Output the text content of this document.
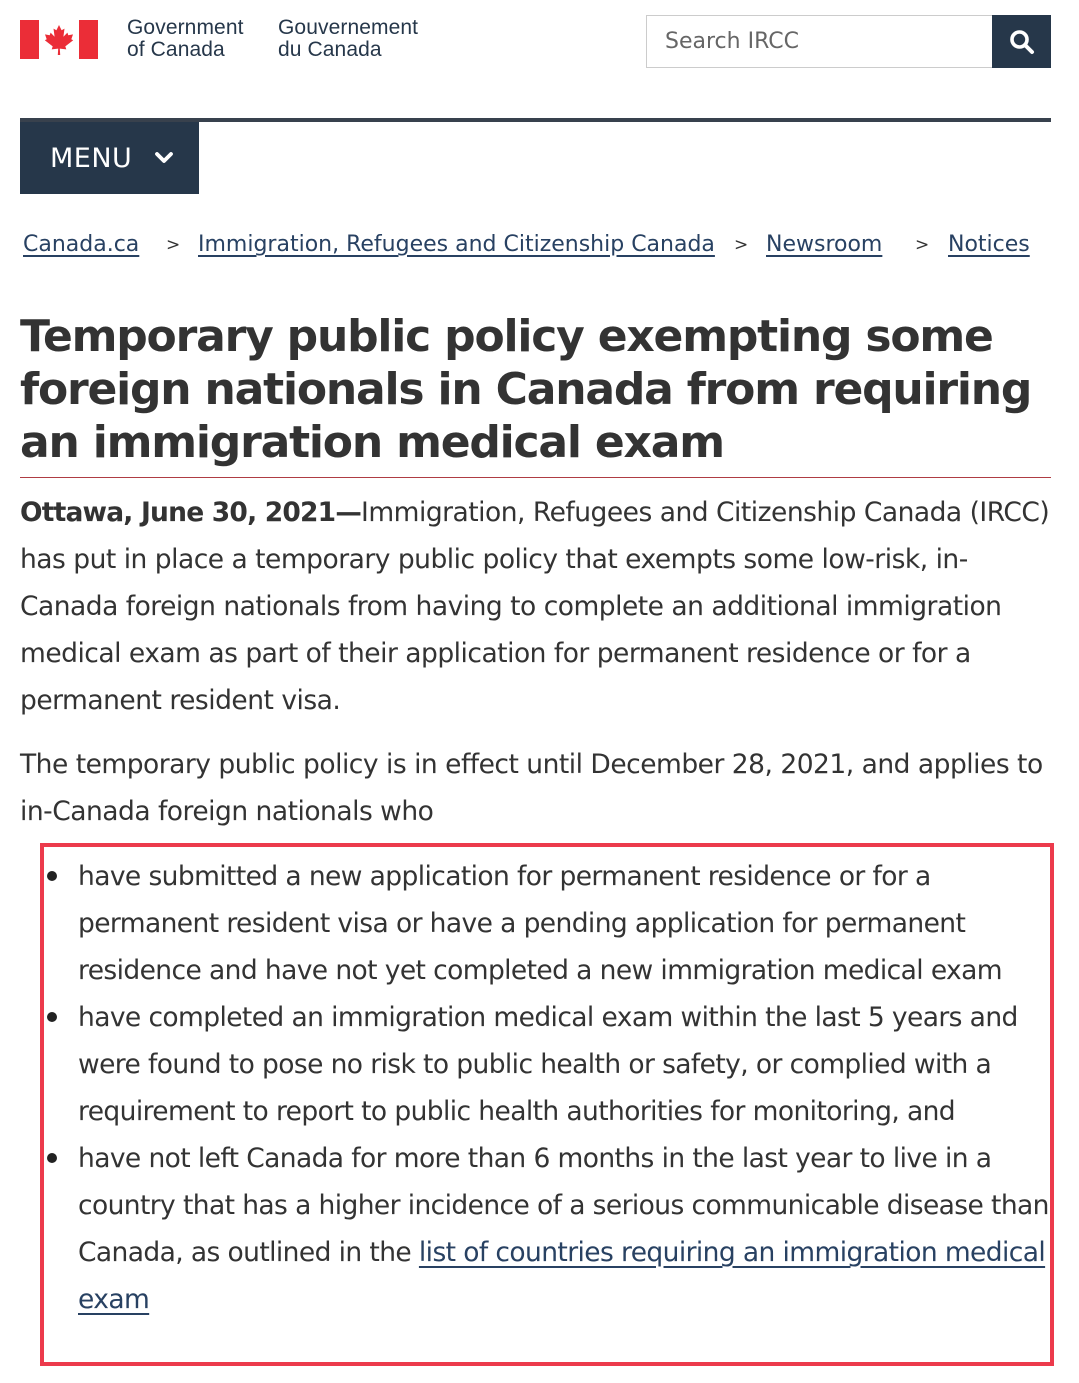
Government
of Canada
Gouvernement
du Canada
Search IRCC
MENU
Canada.ca > Immigration, Refugees and Citizenship Canada > Newsroom > Notices
Temporary public policy exempting some foreign nationals in Canada from requiring an immigration medical exam

Ottawa, June 30, 2021—Immigration, Refugees and Citizenship Canada (IRCC) has put in place a temporary public policy that exempts some low-risk, in-Canada foreign nationals from having to complete an additional immigration medical exam as part of their application for permanent residence or for a permanent resident visa.

The temporary public policy is in effect until December 28, 2021, and applies to in-Canada foreign nationals who

have submitted a new application for permanent residence or for a permanent resident visa or have a pending application for permanent residence and have not yet completed a new immigration medical exam
have completed an immigration medical exam within the last 5 years and were found to pose no risk to public health or safety, or complied with a requirement to report to public health authorities for monitoring, and
have not left Canada for more than 6 months in the last year to live in a country that has a higher incidence of a serious communicable disease than Canada, as outlined in the list of countries requiring an immigration medical exam
